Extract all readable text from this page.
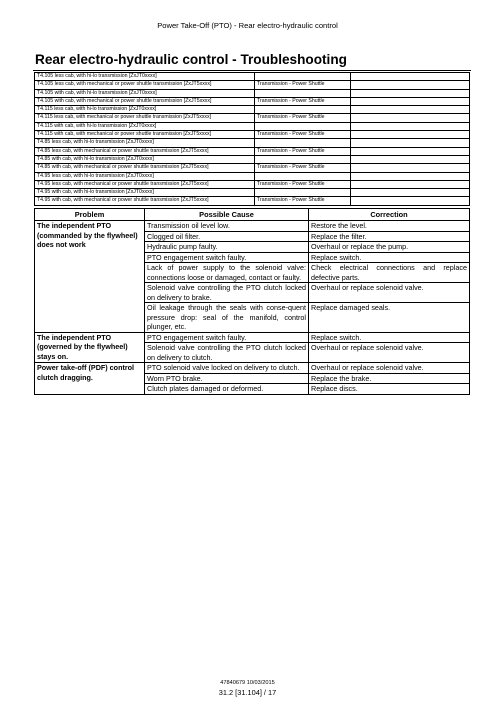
Power Take-Off (PTO) - Rear electro-hydraulic control
Rear electro-hydraulic control - Troubleshooting
T4.105 less cab, with hi-lo transmission [ZxJT0xxxx]		
T4.105 less cab, with mechanical or power shuttle transmission [ZxJT5xxxx]	Transmission - Power Shuttle	
T4.105 with cab, with hi-lo transmission [ZxJT0xxxx]		
T4.105 with cab, with mechanical or power shuttle transmission [ZxJT5xxxx]	Transmission - Power Shuttle	
T4.115 less cab, with hi-lo transmission [ZxJT0xxxx]		
T4.115 less cab, with mechanical or power shuttle transmission [ZxJT5xxxx]	Transmission - Power Shuttle	
T4.115 with cab, with hi-lo transmission [ZxJT0xxxx]		
T4.115 with cab, with mechanical or power shuttle transmission [ZxJT5xxxx]	Transmission - Power Shuttle	
T4.85 less cab, with hi-lo transmission [ZxJT0xxxx]		
T4.85 less cab, with mechanical or power shuttle transmission [ZxJT5xxxx]	Transmission - Power Shuttle	
T4.85 with cab, with hi-lo transmission [ZxJT0xxxx]		
T4.85 with cab, with mechanical or power shuttle transmission [ZxJT5xxxx]	Transmission - Power Shuttle	
T4.95 less cab, with hi-lo transmission [ZxJT0xxxx]		
T4.95 less cab, with mechanical or power shuttle transmission [ZxJT5xxxx]	Transmission - Power Shuttle	
T4.95 with cab, with hi-lo transmission [ZxJT0xxxx]		
T4.95 with cab, with mechanical or power shuttle transmission [ZxJT5xxxx]	Transmission - Power Shuttle	
Problem	Possible Cause	Correction
The independent PTO (commanded by the flywheel) does not work	Transmission oil level low.	Restore the level.
	Clogged oil filter.	Replace the filter.
	Hydraulic pump faulty.	Overhaul or replace the pump.
	PTO engagement switch faulty.	Replace switch.
	Lack of power supply to the solenoid valve: connections loose or damaged, contact or faulty.	Check electrical connections and replace defective parts.
	Solenoid valve controlling the PTO clutch locked on delivery to brake.	Overhaul or replace solenoid valve.
	Oil leakage through the seals with conse-quent pressure drop: seal of the manifold, control plunger, etc.	Replace damaged seals.
The independent PTO (governed by the flywheel) stays on.	PTO engagement switch faulty.	Replace switch.
	Solenoid valve controlling the PTO clutch locked on delivery to clutch.	Overhaul or replace solenoid valve.
Power take-off (PDF) control clutch dragging.	PTO solenoid valve locked on delivery to clutch.	Overhaul or replace solenoid valve.
	Worn PTO brake.	Replace the brake.
	Clutch plates damaged or deformed.	Replace discs.
47840679 10/03/2015
31.2 [31.104] / 17
